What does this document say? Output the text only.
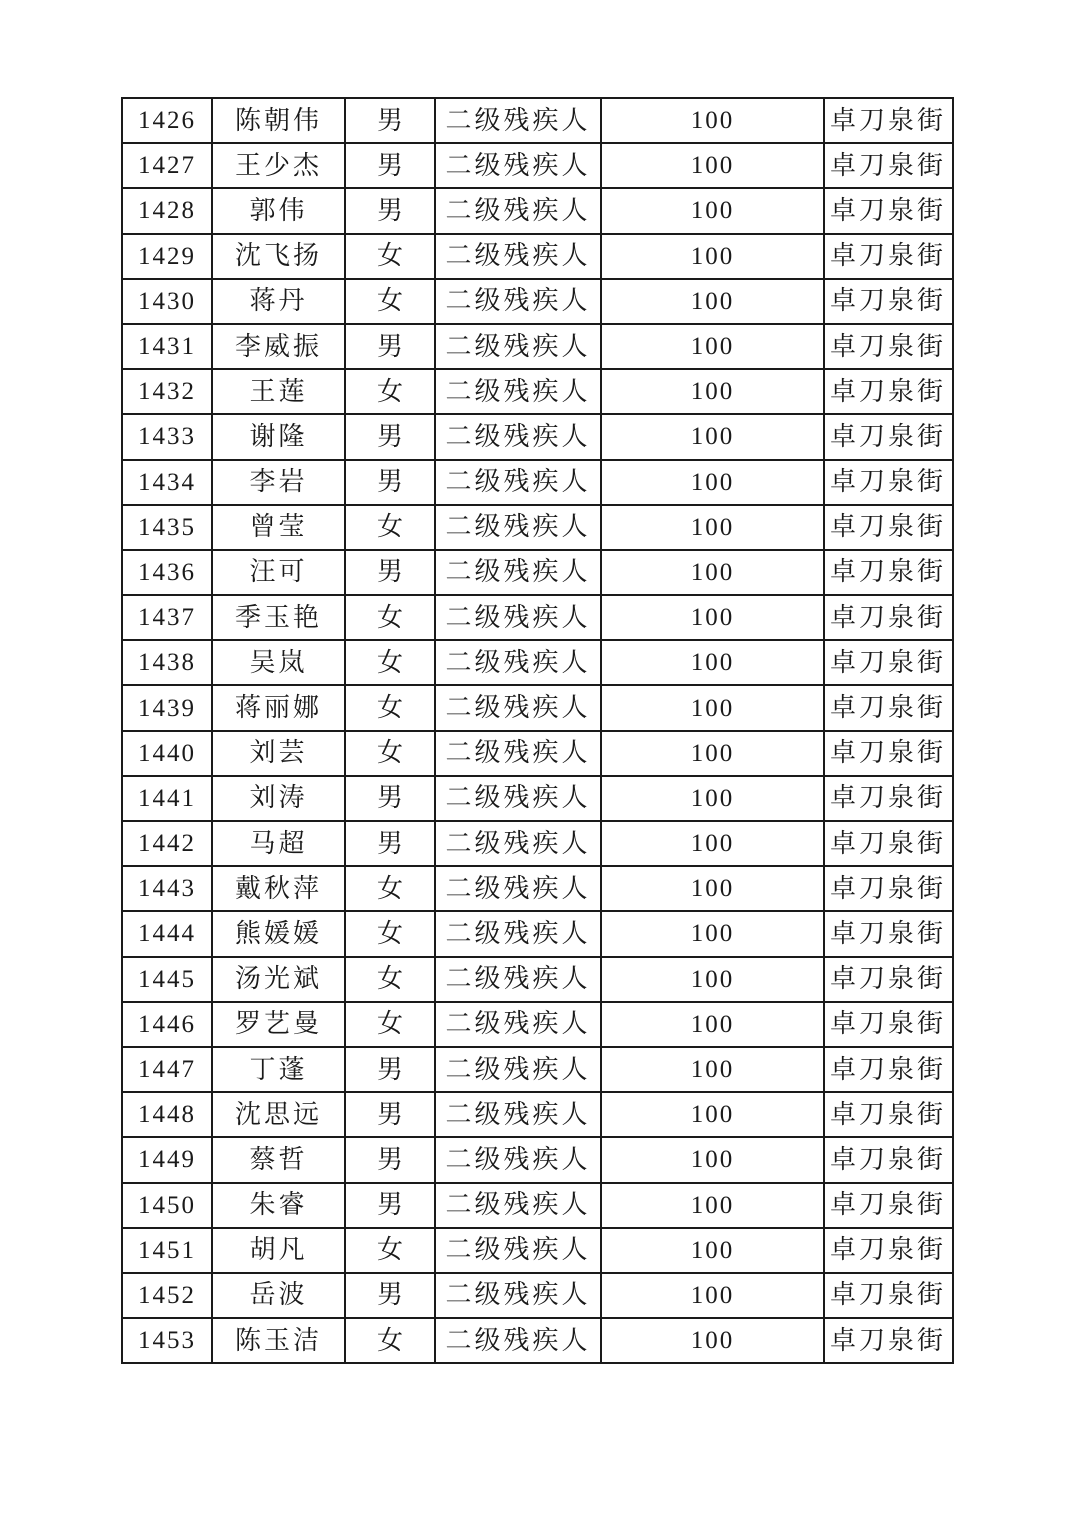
1426	陈朝伟	男	二级残疾人	100	卓刀泉街
1427	王少杰	男	二级残疾人	100	卓刀泉街
1428	郭伟	男	二级残疾人	100	卓刀泉街
1429	沈飞扬	女	二级残疾人	100	卓刀泉街
1430	蒋丹	女	二级残疾人	100	卓刀泉街
1431	李威振	男	二级残疾人	100	卓刀泉街
1432	王莲	女	二级残疾人	100	卓刀泉街
1433	谢隆	男	二级残疾人	100	卓刀泉街
1434	李岩	男	二级残疾人	100	卓刀泉街
1435	曾莹	女	二级残疾人	100	卓刀泉街
1436	汪可	男	二级残疾人	100	卓刀泉街
1437	季玉艳	女	二级残疾人	100	卓刀泉街
1438	吴岚	女	二级残疾人	100	卓刀泉街
1439	蒋丽娜	女	二级残疾人	100	卓刀泉街
1440	刘芸	女	二级残疾人	100	卓刀泉街
1441	刘涛	男	二级残疾人	100	卓刀泉街
1442	马超	男	二级残疾人	100	卓刀泉街
1443	戴秋萍	女	二级残疾人	100	卓刀泉街
1444	熊媛媛	女	二级残疾人	100	卓刀泉街
1445	汤光斌	女	二级残疾人	100	卓刀泉街
1446	罗艺曼	女	二级残疾人	100	卓刀泉街
1447	丁蓬	男	二级残疾人	100	卓刀泉街
1448	沈思远	男	二级残疾人	100	卓刀泉街
1449	蔡哲	男	二级残疾人	100	卓刀泉街
1450	朱睿	男	二级残疾人	100	卓刀泉街
1451	胡凡	女	二级残疾人	100	卓刀泉街
1452	岳波	男	二级残疾人	100	卓刀泉街
1453	陈玉洁	女	二级残疾人	100	卓刀泉街
